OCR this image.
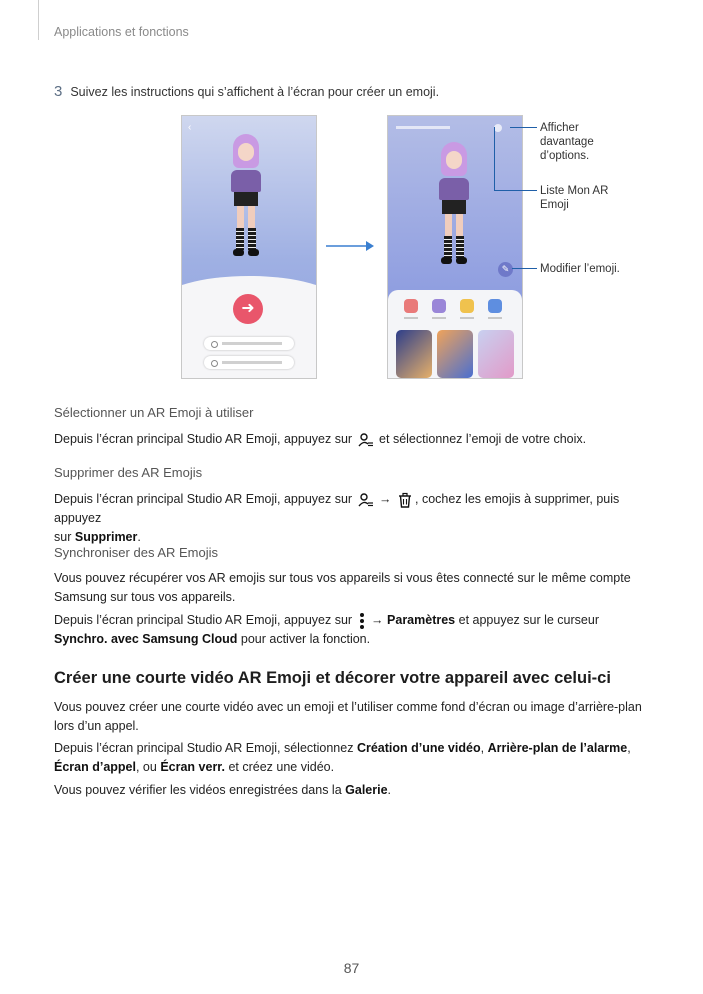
Applications et fonctions
3 Suivez les instructions qui s’affichent à l’écran pour créer un emoji.
‹
➜
✎
Afficher
davantage
d’options.
Liste Mon AR
Emoji
Modifier l’emoji.
Sélectionner un AR Emoji à utiliser
Depuis l’écran principal Studio AR Emoji, appuyez sur et sélectionnez l’emoji de votre choix.
Supprimer des AR Emojis
Depuis l’écran principal Studio AR Emoji, appuyez sur → , cochez les emojis à supprimer, puis appuyez
sur Supprimer.
Synchroniser des AR Emojis
Vous pouvez récupérer vos AR emojis sur tous vos appareils si vous êtes connecté sur le même compte Samsung sur tous vos appareils.
Depuis l’écran principal Studio AR Emoji, appuyez sur → Paramètres et appuyez sur le curseur Synchro. avec Samsung Cloud pour activer la fonction.
Créer une courte vidéo AR Emoji et décorer votre appareil avec celui-ci
Vous pouvez créer une courte vidéo avec un emoji et l’utiliser comme fond d’écran ou image d’arrière-plan lors d’un appel.
Depuis l’écran principal Studio AR Emoji, sélectionnez Création d’une vidéo, Arrière-plan de l’alarme, Écran d’appel, ou Écran verr. et créez une vidéo.
Vous pouvez vérifier les vidéos enregistrées dans la Galerie.
87
